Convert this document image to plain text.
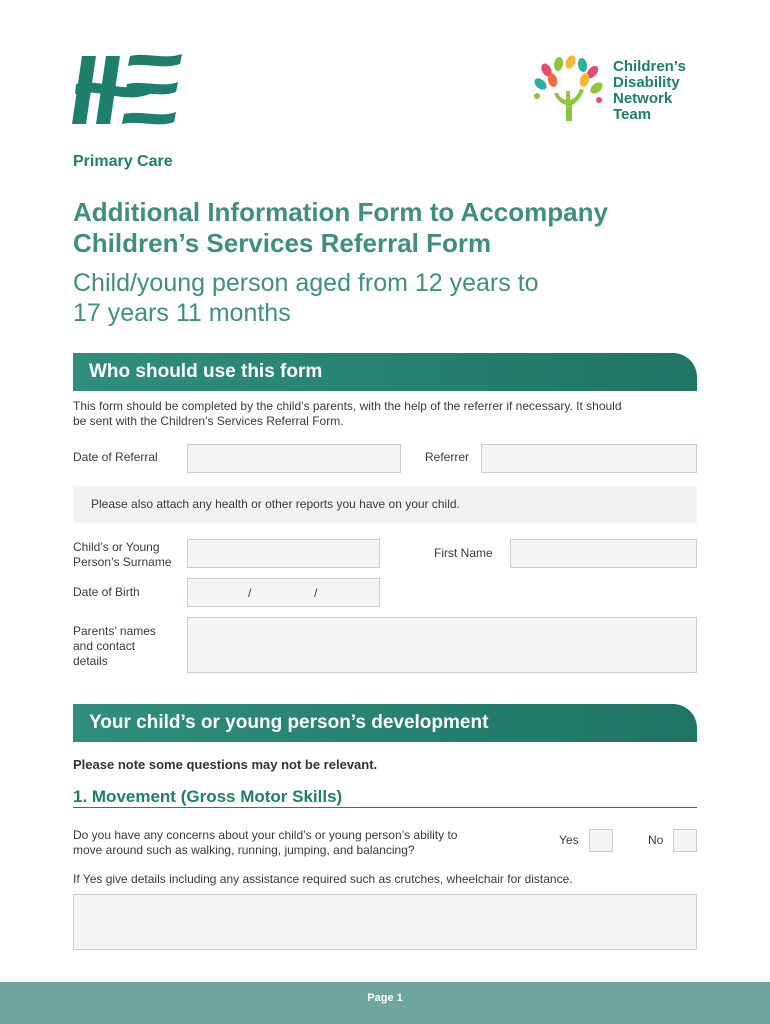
Children’s
Disability
Network
Team
Primary Care
Additional Information Form to Accompany
Children’s Services Referral Form
Child/young person aged from 12 years to
17 years 11 months
Who should use this form
This form should be completed by the child’s parents, with the help of the referrer if necessary. It should
be sent with the Children’s Services Referral Form.
Date of Referral	Referrer
Please also attach any health or other reports you have on your child.
Child’s or Young
Person’s Surname
First Name
Date of Birth	/	/
Parents’ names
and contact
details
Your child’s or young person’s development
Please note some questions may not be relevant.
1. Movement (Gross Motor Skills)
Do you have any concerns about your child’s or young person’s ability to
move around such as walking, running, jumping, and balancing?
Yes	No
If Yes give details including any assistance required such as crutches, wheelchair for distance.
Page 1
